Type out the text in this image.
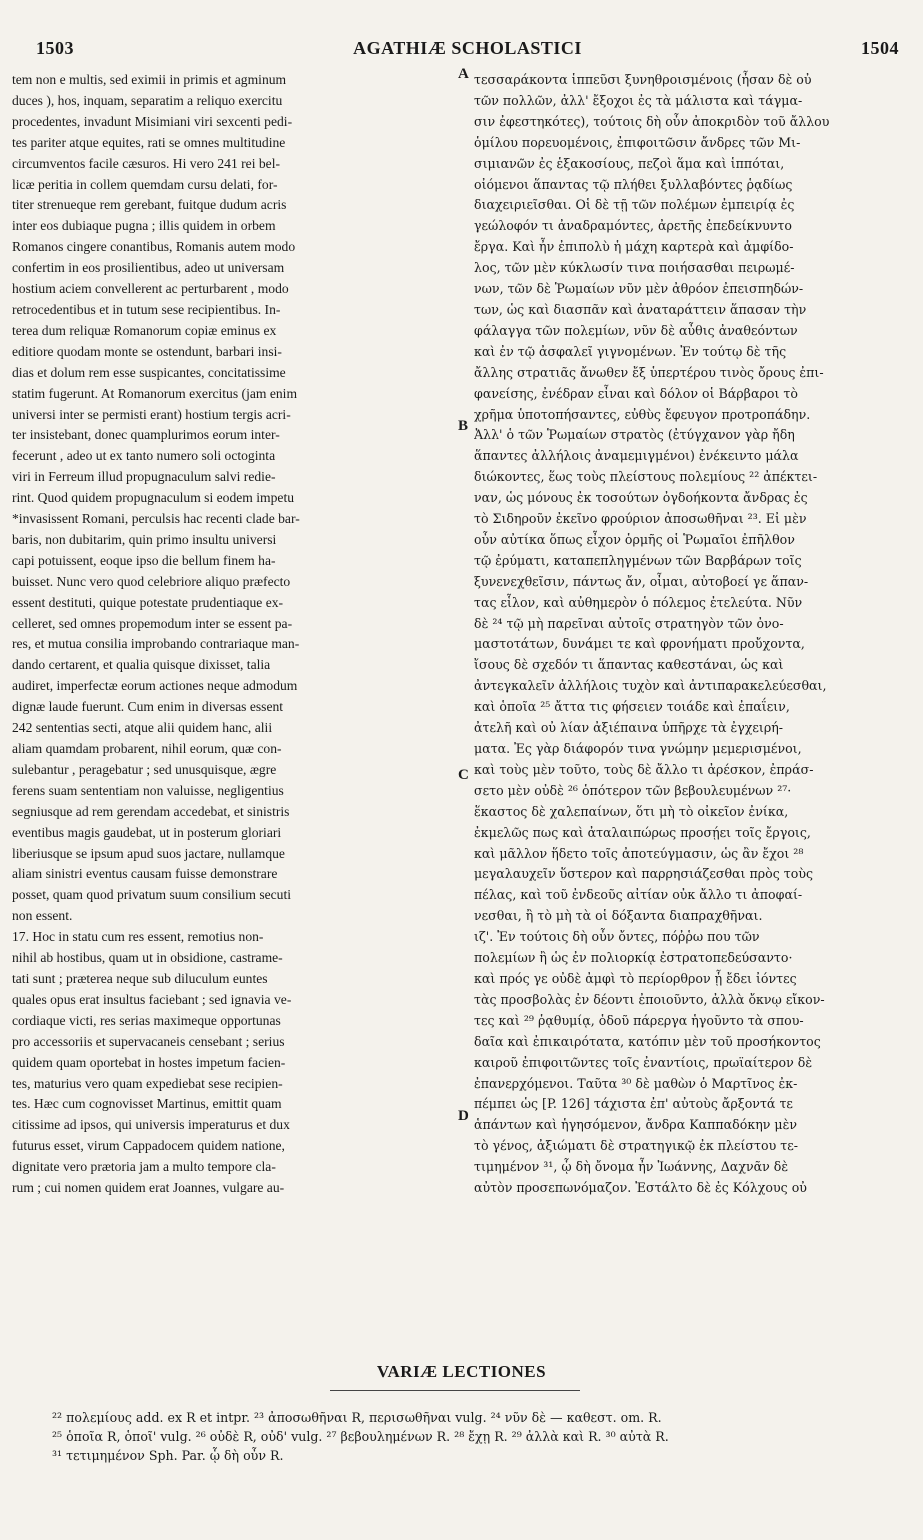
1503	AGATHIÆ SCHOLASTICI	1504
A
B
C
D
tem non e multis, sed eximii in primis et agminum
duces ), hos, inquam, separatim a reliquo exercitu
procedentes, invadunt Misimiani viri sexcenti pedi-
tes pariter atque equites, rati se omnes multitudine
circumventos facile cæsuros. Hi vero 241 rei bel-
licæ peritia in collem quemdam cursu delati, for-
titer strenueque rem gerebant, fuitque dudum acris
inter eos dubiaque pugna ; illis quidem in orbem
Romanos cingere conantibus, Romanis autem modo
confertim in eos prosilientibus, adeo ut universam
hostium aciem convellerent ac perturbarent , modo
retrocedentibus et in tutum sese recipientibus. In-
terea dum reliquæ Romanorum copiæ eminus ex
editiore quodam monte se ostendunt, barbari insi-
dias et dolum rem esse suspicantes, concitatissime
statim fugerunt. At Romanorum exercitus (jam enim
universi inter se permisti erant) hostium tergis acri-
ter insistebant, donec quamplurimos eorum inter-
fecerunt , adeo ut ex tanto numero soli octoginta
viri in Ferreum illud propugnaculum salvi redie-
rint. Quod quidem propugnaculum si eodem impetu
*invasissent Romani, perculsis hac recenti clade bar-
baris, non dubitarim, quin primo insultu universi
capi potuissent, eoque ipso die bellum finem ha-
buisset. Nunc vero quod celebriore aliquo præfecto
essent destituti, quique potestate prudentiaque ex-
celleret, sed omnes propemodum inter se essent pa-
res, et mutua consilia improbando contrariaque man-
dando certarent, et qualia quisque dixisset, talia
audiret, imperfectæ eorum actiones neque admodum
dignæ laude fuerunt. Cum enim in diversas essent
242 sententias secti, atque alii quidem hanc, alii
aliam quamdam probarent, nihil eorum, quæ con-
sulebantur , peragebatur ; sed unusquisque, ægre
ferens suam sententiam non valuisse, negligentius
segniusque ad rem gerendam accedebat, et sinistris
eventibus magis gaudebat, ut in posterum gloriari
liberiusque se ipsum apud suos jactare, nullamque
aliam sinistri eventus causam fuisse demonstrare
posset, quam quod privatum suum consilium secuti
non essent.
17. Hoc in statu cum res essent, remotius non-
nihil ab hostibus, quam ut in obsidione, castrame-
tati sunt ; præterea neque sub diluculum euntes
quales opus erat insultus faciebant ; sed ignavia ve-
cordiaque victi, res serias maximeque opportunas
pro accessoriis et supervacaneis censebant ; serius
quidem quam oportebat in hostes impetum facien-
tes, maturius vero quam expediebat sese recipien-
tes. Hæc cum cognovisset Martinus, emittit quam
citissime ad ipsos, qui universis imperaturus et dux
futurus esset, virum Cappadocem quidem natione,
dignitate vero prætoria jam a multo tempore cla-
rum ; cui nomen quidem erat Joannes, vulgare au-
τεσσαράκοντα ἱππεῦσι ξυνηθροισμένοις (ἦσαν δὲ οὐ
τῶν πολλῶν, ἀλλ' ἔξοχοι ἐς τὰ μάλιστα καὶ τάγμα-
σιν ἐφεστηκότες), τούτοις δὴ οὖν ἀποκριδὸν τοῦ ἄλλου
ὁμίλου πορευομένοις, ἐπιφοιτῶσιν ἄνδρες τῶν Μι-
σιμιανῶν ἐς ἑξακοσίους, πεζοὶ ἅμα καὶ ἱππόται,
οἰόμενοι ἅπαντας τῷ πλήθει ξυλλαβόντες ῥᾳδίως
διαχειριεῖσθαι. Οἱ δὲ τῇ τῶν πολέμων ἐμπειρίᾳ ἐς
γεώλοφόν τι ἀναδραμόντες, ἀρετῆς ἐπεδείκνυντο
ἔργα. Καὶ ἦν ἐπιπολὺ ἡ μάχη καρτερὰ καὶ ἀμφίδο-
λος, τῶν μὲν κύκλωσίν τινα ποιήσασθαι πειρωμέ-
νων, τῶν δὲ Ῥωμαίων νῦν μὲν ἀθρόον ἐπεισπηδών-
των, ὡς καὶ διασπᾶν καὶ ἀναταράττειν ἅπασαν τὴν
φάλαγγα τῶν πολεμίων, νῦν δὲ αὖθις ἀναθεόντων
καὶ ἐν τῷ ἀσφαλεῖ γιγνομένων. Ἐν τούτῳ δὲ τῆς
ἄλλης στρατιᾶς ἄνωθεν ἔξ ὑπερτέρου τινὸς ὄρους ἐπι-
φανείσης, ἐνέδραν εἶναι καὶ δόλον οἱ Βάρβαροι τὸ
χρῆμα ὑποτοπήσαντες, εὐθὺς ἔφευγον προτροπάδην.
Ἀλλ' ὁ τῶν Ῥωμαίων στρατὸς (ἐτύγχανον γὰρ ἤδη
ἅπαντες ἀλλήλοις ἀναμεμιγμένοι) ἐνέκειντο μάλα
διώκοντες, ἕως τοὺς πλείστους πολεμίους ²² ἀπέκτει-
ναν, ὡς μόνους ἐκ τοσούτων ὀγδοήκοντα ἄνδρας ἐς
τὸ Σιδηροῦν ἐκεῖνο φρούριον ἀποσωθῆναι ²³. Εἰ μὲν
οὖν αὐτίκα ὅπως εἶχον ὁρμῆς οἱ Ῥωμαῖοι ἐπῆλθον
τῷ ἐρύματι, καταπεπληγμένων τῶν Βαρβάρων τοῖς
ξυνενεχθεῖσιν, πάντως ἄν, οἶμαι, αὐτοβοεί γε ἅπαν-
τας εἷλον, καὶ αὐθημερὸν ὁ πόλεμος ἐτελεύτα. Νῦν
δὲ ²⁴ τῷ μὴ παρεῖναι αὐτοῖς στρατηγὸν τῶν ὀνο-
μαστοτάτων, δυνάμει τε καὶ φρονήματι προὔχοντα,
ἴσους δὲ σχεδόν τι ἅπαντας καθεστάναι, ὡς καὶ
ἀντεγκαλεῖν ἀλλήλοις τυχὸν καὶ ἀντιπαρακελεύεσθαι,
καὶ ὁποῖα ²⁵ ἄττα τις φήσειεν τοιάδε καὶ ἐπαΐειν,
ἀτελῆ καὶ οὐ λίαν ἀξιέπαινα ὑπῆρχε τὰ ἐγχειρή-
ματα. Ἐς γὰρ διάφορόν τινα γνώμην μεμερισμένοι,
καὶ τοὺς μὲν τοῦτο, τοὺς δὲ ἄλλο τι ἀρέσκον, ἐπράσ-
σετο μὲν οὐδὲ ²⁶ ὁπότερον τῶν βεβουλευμένων ²⁷·
ἕκαστος δὲ χαλεπαίνων, ὅτι μὴ τὸ οἰκεῖον ἐνίκα,
ἐκμελῶς πως καὶ ἀταλαιπώρως προσῄει τοῖς ἔργοις,
καὶ μᾶλλον ἥδετο τοῖς ἀποτεύγμασιν, ὡς ἂν ἔχοι ²⁸
μεγαλαυχεῖν ὕστερον καὶ παρρησιάζεσθαι πρὸς τοὺς
πέλας, καὶ τοῦ ἐνδεοῦς αἰτίαν οὐκ ἄλλο τι ἀποφαί-
νεσθαι, ἢ τὸ μὴ τὰ οἱ δόξαντα διαπραχθῆναι.
ιζ'. Ἐν τούτοις δὴ οὖν ὄντες, πόῤῥω που τῶν
πολεμίων ἢ ὡς ἐν πολιορκίᾳ ἐστρατοπεδεύσαντο·
καὶ πρός γε οὐδὲ ἀμφὶ τὸ περίορθρον ᾗ ἔδει ἰόντες
τὰς προσβολὰς ἐν δέοντι ἐποιοῦντο, ἀλλὰ ὄκνῳ εἴκον-
τες καὶ ²⁹ ῥᾳθυμίᾳ, ὁδοῦ πάρεργα ἡγοῦντο τὰ σπου-
δαῖα καὶ ἐπικαιρότατα, κατόπιν μὲν τοῦ προσήκοντος
καιροῦ ἐπιφοιτῶντες τοῖς ἐναντίοις, πρωϊαίτερον δὲ
ἐπανερχόμενοι. Ταῦτα ³⁰ δὲ μαθὼν ὁ Μαρτῖνος ἐκ-
πέμπει ὡς [P. 126] τάχιστα ἐπ' αὐτοὺς ἄρξοντά τε
ἁπάντων καὶ ἡγησόμενον, ἄνδρα Καππαδόκην μὲν
τὸ γένος, ἀξιώματι δὲ στρατηγικῷ ἐκ πλείστου τε-
τιμημένον ³¹, ᾧ δὴ ὄνομα ἦν Ἰωάννης, Δαχνᾶν δὲ
αὐτὸν προσεπωνόμαζον. Ἐστάλτο δὲ ἐς Κόλχους οὐ
VARIÆ LECTIONES
²² πολεμίους add. ex R et intpr. ²³ ἀποσωθῆναι R, περισωθῆναι vulg. ²⁴ νῦν δὲ — καθεστ. om. R.
²⁵ ὁποῖα R, ὁποῖ' vulg. ²⁶ οὐδὲ R, οὐδ' vulg. ²⁷ βεβουλημένων R. ²⁸ ἔχῃ R. ²⁹ ἀλλὰ καὶ R. ³⁰ αὐτὰ R.
³¹ τετιμημένον Sph. Par. ᾧ δὴ οὖν R.
